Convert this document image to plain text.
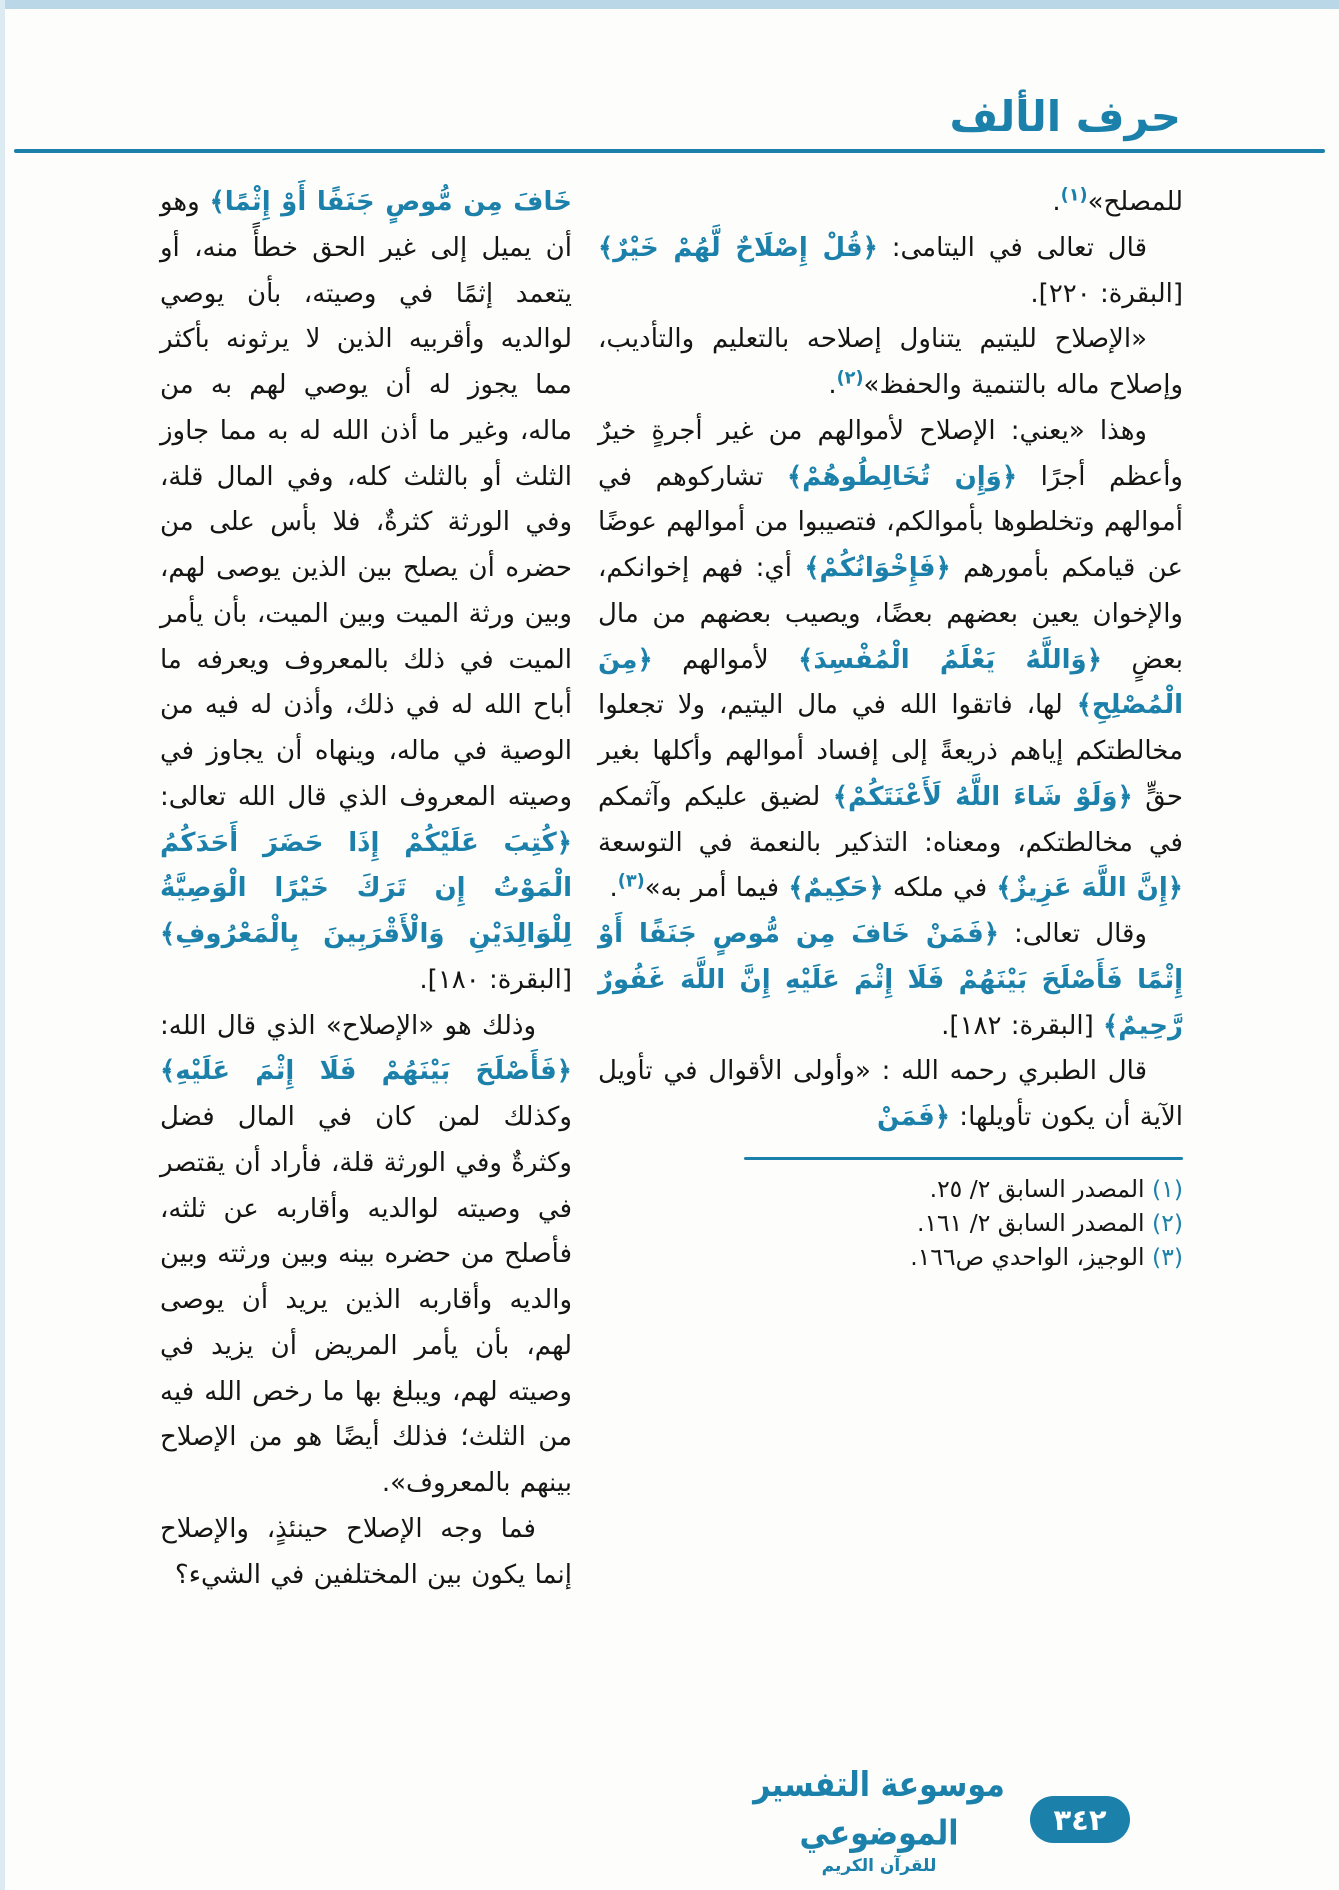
حرف الألف

للمصلح»$^{(١)}$.

قال تعالى في اليتامى: ﴿قُلْ إِصْلَاحٌ لَّهُمْ خَيْرٌ﴾ [البقرة: ٢٢٠].

«الإصلاح لليتيم يتناول إصلاحه بالتعليم والتأديب، وإصلاح ماله بالتنمية والحفظ»$^{(٢)}$.

وهذا «يعني: الإصلاح لأموالهم من غير أجرةٍ خيرٌ وأعظم أجرًا ﴿وَإِن تُخَالِطُوهُمْ﴾ تشاركوهم في أموالهم وتخلطوها بأموالكم، فتصيبوا من أموالهم عوضًا عن قيامكم بأمورهم ﴿فَإِخْوَانُكُمْ﴾ أي: فهم إخوانكم، والإخوان يعين بعضهم بعضًا، ويصيب بعضهم من مال بعضٍ ﴿وَاللَّهُ يَعْلَمُ الْمُفْسِدَ﴾ لأموالهم ﴿مِنَ الْمُصْلِحِ﴾ لها، فاتقوا الله في مال اليتيم، ولا تجعلوا مخالطتكم إياهم ذريعةً إلى إفساد أموالهم وأكلها بغير حقٍّ ﴿وَلَوْ شَاءَ اللَّهُ لَأَعْنَتَكُمْ﴾ لضيق عليكم وآثمكم في مخالطتكم، ومعناه: التذكير بالنعمة في التوسعة ﴿إِنَّ اللَّهَ عَزِيزٌ﴾ في ملكه ﴿حَكِيمٌ﴾ فيما أمر به»$^{(٣)}$.

وقال تعالى: ﴿فَمَنْ خَافَ مِن مُّوصٍ جَنَفًا أَوْ إِثْمًا فَأَصْلَحَ بَيْنَهُمْ فَلَا إِثْمَ عَلَيْهِ إِنَّ اللَّهَ غَفُورٌ رَّحِيمٌ﴾ [البقرة: ١٨٢].

قال الطبري رحمه الله : «وأولى الأقوال في تأويل الآية أن يكون تأويلها: ﴿فَمَنْ

(١) المصدر السابق ٢/ ٢٥.

(٢) المصدر السابق ٢/ ١٦١.

(٣) الوجيز، الواحدي ص١٦٦.

خَافَ مِن مُّوصٍ جَنَفًا أَوْ إِثْمًا﴾ وهو أن يميل إلى غير الحق خطأً منه، أو يتعمد إثمًا في وصيته، بأن يوصي لوالديه وأقربيه الذين لا يرثونه بأكثر مما يجوز له أن يوصي لهم به من ماله، وغير ما أذن الله له به مما جاوز الثلث أو بالثلث كله، وفي المال قلة، وفي الورثة كثرةٌ، فلا بأس على من حضره أن يصلح بين الذين يوصى لهم، وبين ورثة الميت وبين الميت، بأن يأمر الميت في ذلك بالمعروف ويعرفه ما أباح الله له في ذلك، وأذن له فيه من الوصية في ماله، وينهاه أن يجاوز في وصيته المعروف الذي قال الله تعالى: ﴿كُتِبَ عَلَيْكُمْ إِذَا حَضَرَ أَحَدَكُمُ الْمَوْتُ إِن تَرَكَ خَيْرًا الْوَصِيَّةُ لِلْوَالِدَيْنِ وَالْأَقْرَبِينَ بِالْمَعْرُوفِ﴾ [البقرة: ١٨٠].

وذلك هو «الإصلاح» الذي قال الله: ﴿فَأَصْلَحَ بَيْنَهُمْ فَلَا إِثْمَ عَلَيْهِ﴾ وكذلك لمن كان في المال فضل وكثرةٌ وفي الورثة قلة، فأراد أن يقتصر في وصيته لوالديه وأقاربه عن ثلثه، فأصلح من حضره بينه وبين ورثته وبين والديه وأقاربه الذين يريد أن يوصى لهم، بأن يأمر المريض أن يزيد في وصيته لهم، ويبلغ بها ما رخص الله فيه من الثلث؛ فذلك أيضًا هو من الإصلاح بينهم بالمعروف».

فما وجه الإصلاح حينئذٍ، والإصلاح إنما يكون بين المختلفين في الشيء؟

موسوعة التفسير الموضوعي
للقرآن الكريم
٣٤٢
